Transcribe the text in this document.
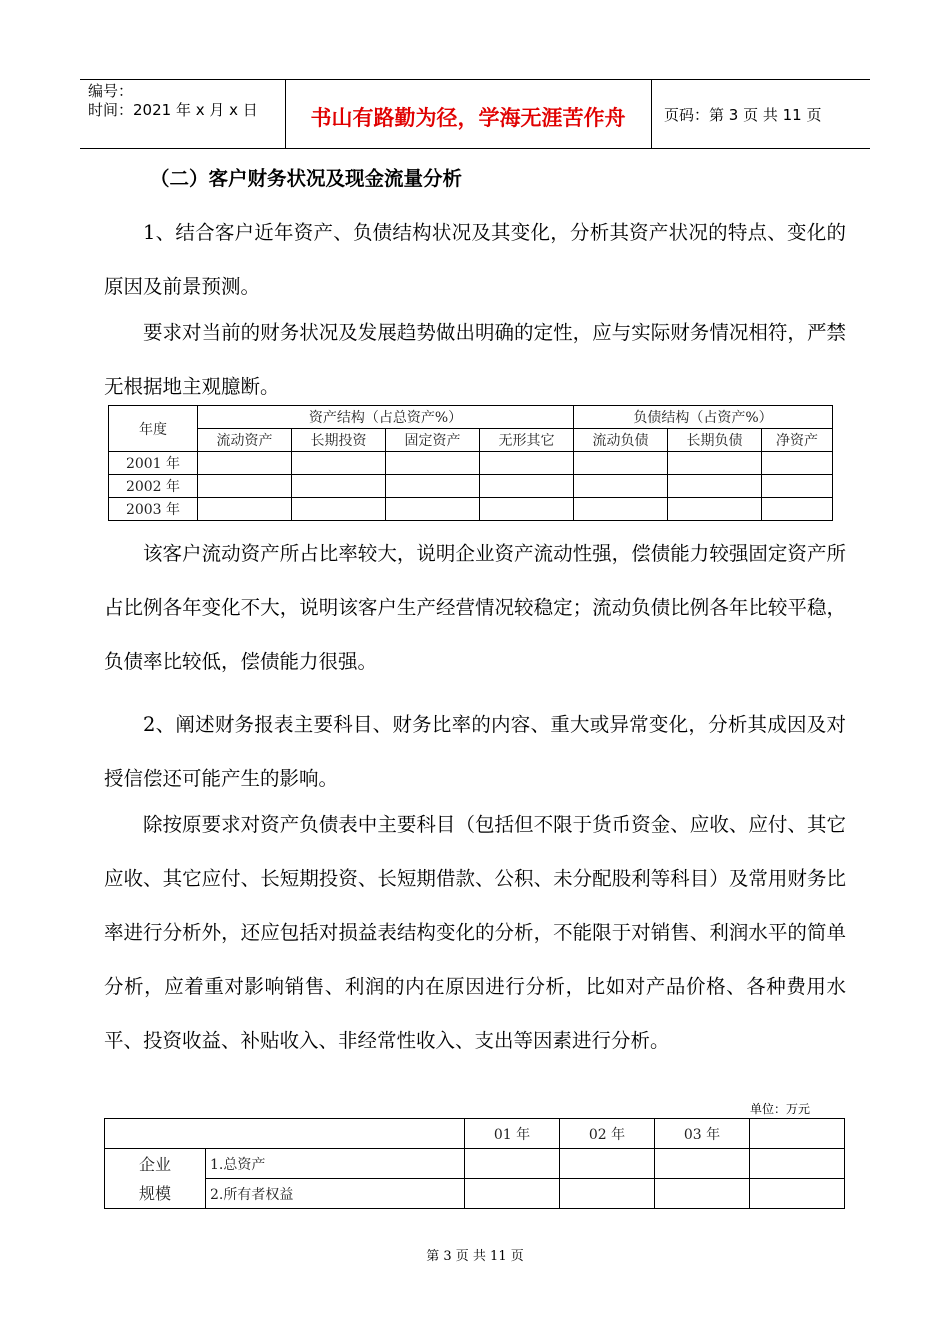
编号：
时间：2021 年 x 月 x 日	书山有路勤为径，学海无涯苦作舟	页码：第 3 页 共 11 页
（二）客户财务状况及现金流量分析

1、结合客户近年资产、负债结构状况及其变化，分析其资产状况的特点、变化的原因及前景预测。

要求对当前的财务状况及发展趋势做出明确的定性，应与实际财务情况相符，严禁无根据地主观臆断。

年度	资产结构（占总资产%）				负债结构（占资产%）		
	流动资产	长期投资	固定资产	无形其它	流动负债	长期负债	净资产
2001 年							
2002 年							
2003 年							

该客户流动资产所占比率较大，说明企业资产流动性强，偿债能力较强固定资产所占比例各年变化不大，说明该客户生产经营情况较稳定；流动负债比例各年比较平稳，负债率比较低，偿债能力很强。

2、阐述财务报表主要科目、财务比率的内容、重大或异常变化，分析其成因及对授信偿还可能产生的影响。

除按原要求对资产负债表中主要科目（包括但不限于货币资金、应收、应付、其它应收、其它应付、长短期投资、长短期借款、公积、未分配股利等科目）及常用财务比率进行分析外，还应包括对损益表结构变化的分析，不能限于对销售、利润水平的简单分析，应着重对影响销售、利润的内在原因进行分析，比如对产品价格、各种费用水平、投资收益、补贴收入、非经常性收入、支出等因素进行分析。

单位：万元
		01 年	02 年	03 年	

企业
规模	1.总资产				
	2.所有者权益				
第 3 页 共 11 页
